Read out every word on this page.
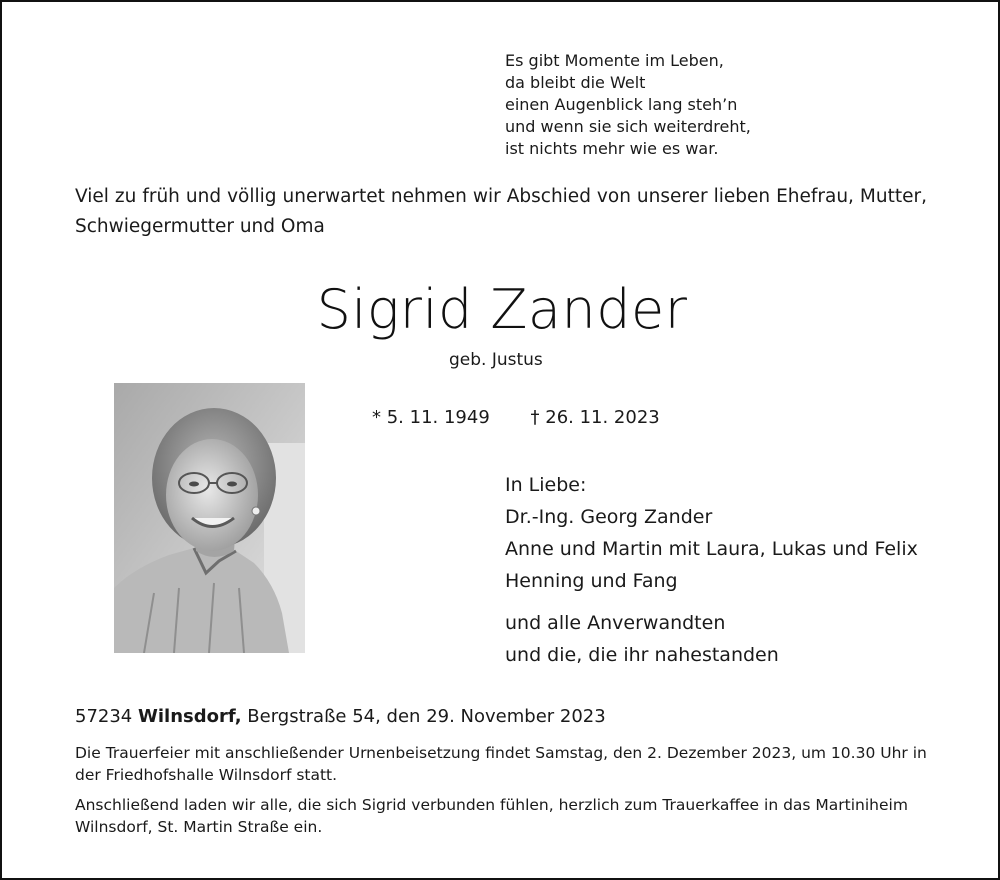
Es gibt Momente im Leben,
da bleibt die Welt
einen Augenblick lang steh’n
und wenn sie sich weiterdreht,
ist nichts mehr wie es war.
Viel zu früh und völlig unerwartet nehmen wir Abschied von unserer lieben Ehefrau, Mutter, Schwiegermutter und Oma
Sigrid Zander
geb. Justus
* 5. 11. 1949 † 26. 11. 2023
In Liebe:
Dr.-Ing. Georg Zander
Anne und Martin mit Laura, Lukas und Felix
Henning und Fang
und alle Anverwandten
und die, die ihr nahestanden
57234 Wilnsdorf, Bergstraße 54, den 29. November 2023
Die Trauerfeier mit anschließender Urnenbeisetzung findet Samstag, den 2. Dezember 2023, um 10.30 Uhr in der Friedhofshalle Wilnsdorf statt.
Anschließend laden wir alle, die sich Sigrid verbunden fühlen, herzlich zum Trauerkaffee in das Martiniheim Wilnsdorf, St. Martin Straße ein.
